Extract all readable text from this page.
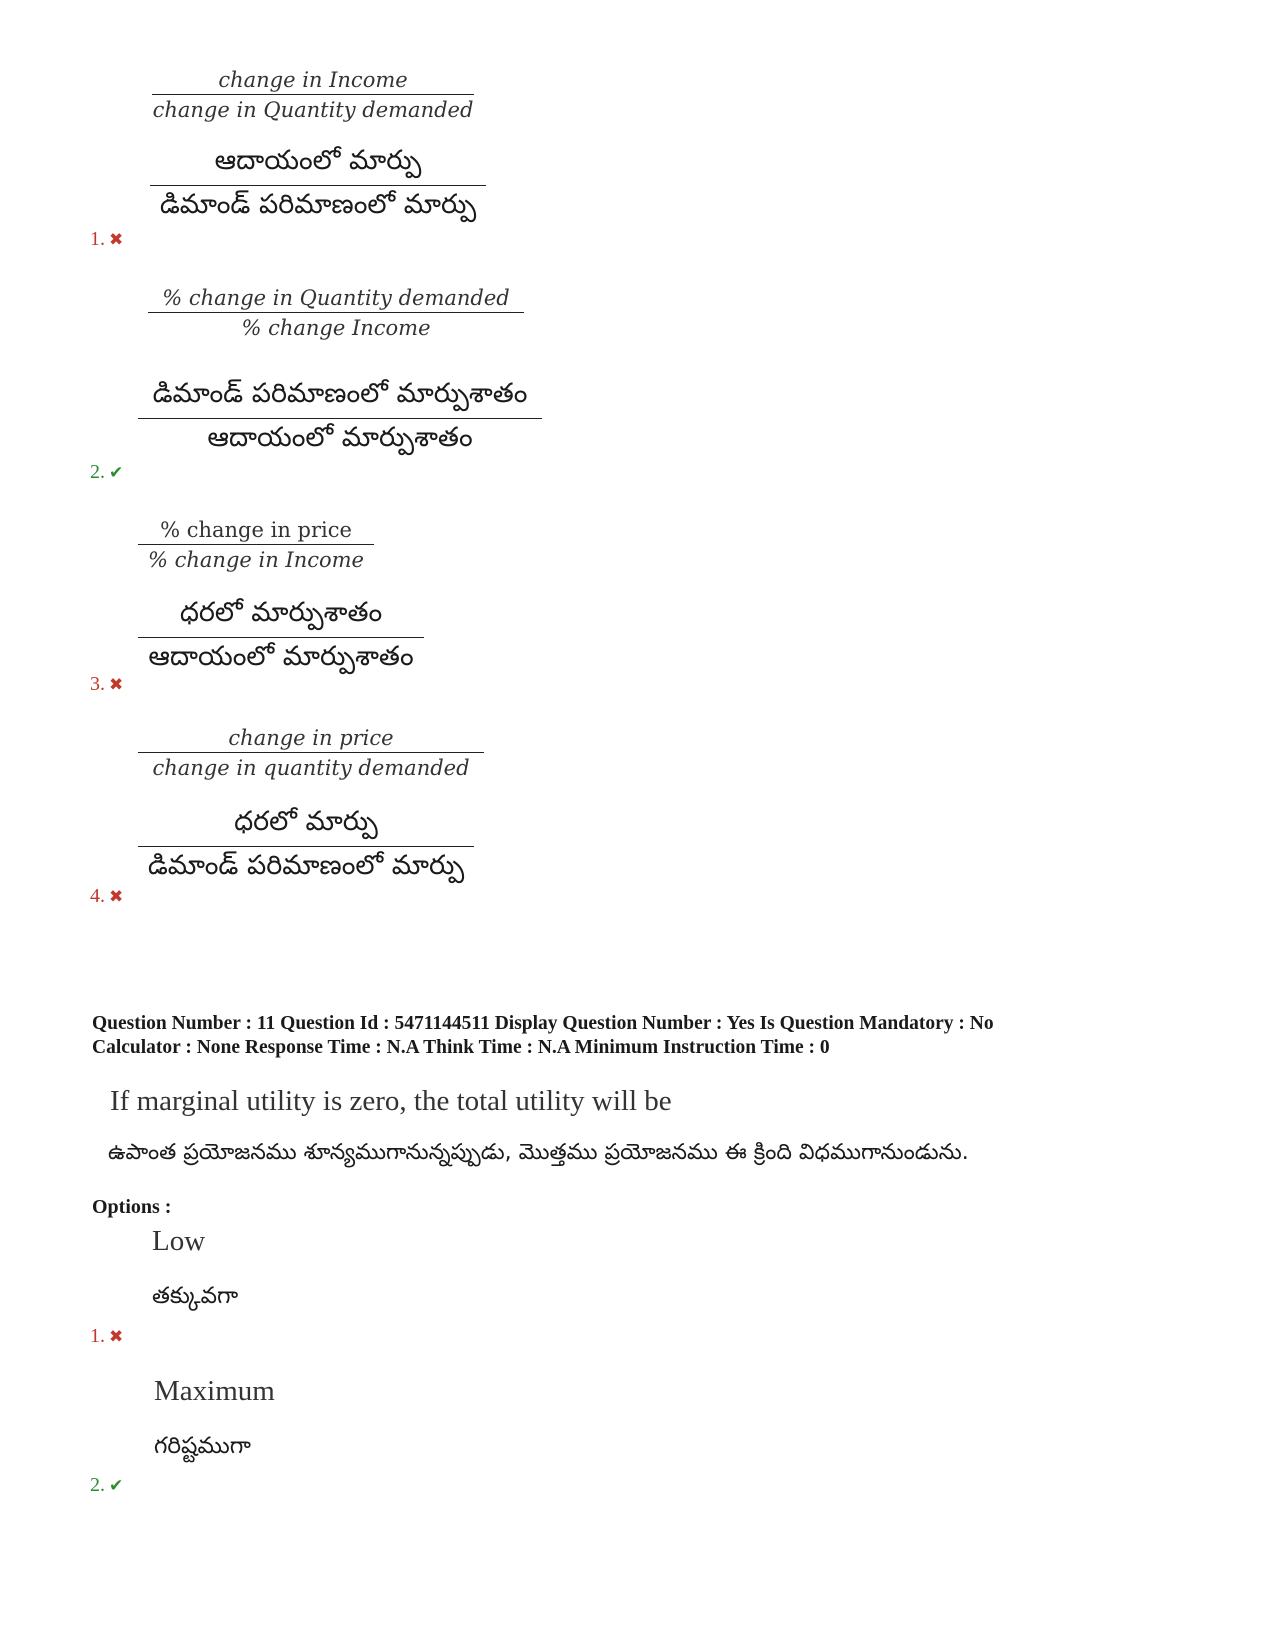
change in Income
change in Quantity demanded
ఆదాయంలో మార్పు
డిమాండ్ పరిమాణంలో మార్పు
1. ✖
% change in Quantity demanded
% change Income
డిమాండ్ పరిమాణంలో మార్పుశాతం
ఆదాయంలో మార్పుశాతం
2. ✔
% change in price
% change in Income
ధరలో మార్పుశాతం
ఆదాయంలో మార్పుశాతం
3. ✖
change in price
change in quantity demanded
ధరలో మార్పు
డిమాండ్ పరిమాణంలో మార్పు
4. ✖
Question Number : 11 Question Id : 5471144511 Display Question Number : Yes Is Question Mandatory : No
Calculator : None Response Time : N.A Think Time : N.A Minimum Instruction Time : 0
If marginal utility is zero, the total utility will be
ఉపాంత ప్రయోజనము శూన్యముగానున్నప్పుడు, మొత్తము ప్రయోజనము ఈ క్రింది విధముగానుండును.
Options :
Low
తక్కువగా
1. ✖
Maximum
గరిష్టముగా
2. ✔
